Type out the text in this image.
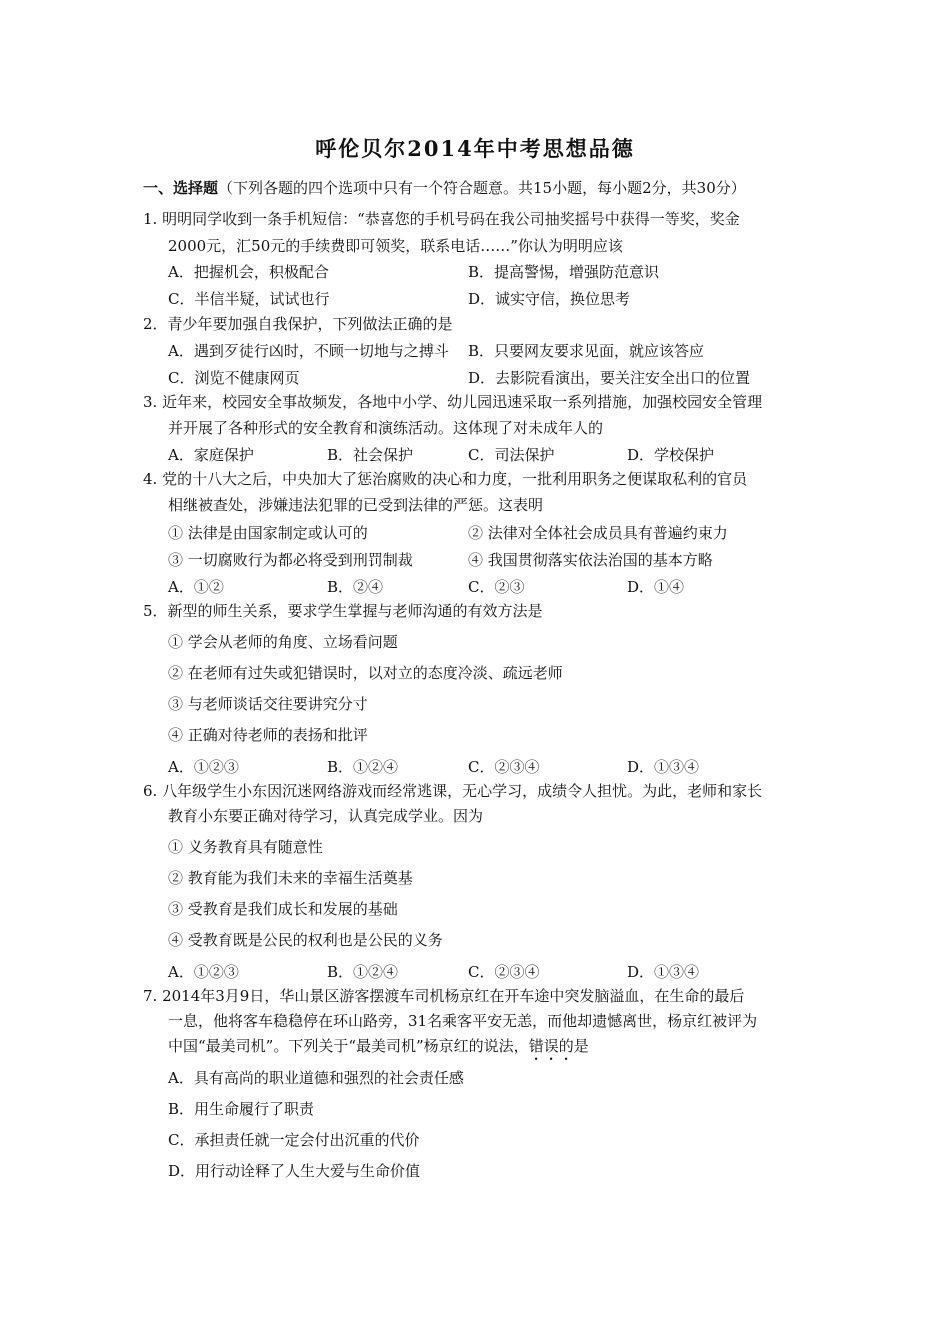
呼伦贝尔2014年中考思想品德
一、选择题（下列各题的四个选项中只有一个符合题意。共15小题，每小题2分，共30分）
1. 明明同学收到一条手机短信：“恭喜您的手机号码在我公司抽奖摇号中获得一等奖，奖金
2000元，汇50元的手续费即可领奖，联系电话……”你认为明明应该
A．把握机会，积极配合	B．提高警惕，增强防范意识
C．半信半疑，试试也行	D．诚实守信，换位思考
2．青少年要加强自我保护，下列做法正确的是
A．遇到歹徒行凶时，不顾一切地与之搏斗 B．只要网友要求见面，就应该答应
C．浏览不健康网页	D．去影院看演出，要关注安全出口的位置
3. 近年来，校园安全事故频发，各地中小学、幼儿园迅速采取一系列措施，加强校园安全管理
并开展了各种形式的安全教育和演练活动。这体现了对未成年人的
A．家庭保护	B．社会保护	C．司法保护	D．学校保护
4. 党的十八大之后，中央加大了惩治腐败的决心和力度，一批利用职务之便谋取私利的官员
相继被查处，涉嫌违法犯罪的已受到法律的严惩。这表明
① 法律是由国家制定或认可的	② 法律对全体社会成员具有普遍约束力
③ 一切腐败行为都必将受到刑罚制裁	④ 我国贯彻落实依法治国的基本方略
A．①②	B．②④	C．②③	D．①④
5．新型的师生关系，要求学生掌握与老师沟通的有效方法是
① 学会从老师的角度、立场看问题
② 在老师有过失或犯错误时，以对立的态度冷淡、疏远老师
③ 与老师谈话交往要讲究分寸
④ 正确对待老师的表扬和批评
A．①②③	B．①②④	C．②③④	D．①③④
6. 八年级学生小东因沉迷网络游戏而经常逃课，无心学习，成绩令人担忧。为此，老师和家长
教育小东要正确对待学习，认真完成学业。因为
① 义务教育具有随意性
② 教育能为我们未来的幸福生活奠基
③ 受教育是我们成长和发展的基础
④ 受教育既是公民的权利也是公民的义务
A．①②③	B．①②④	C．②③④	D．①③④
7. 2014年3月9日，华山景区游客摆渡车司机杨京红在开车途中突发脑溢血，在生命的最后
一息，他将客车稳稳停在环山路旁，31名乘客平安无恙，而他却遗憾离世，杨京红被评为
中国“最美司机”。下列关于“最美司机”杨京红的说法，错误的是
A．具有高尚的职业道德和强烈的社会责任感
B．用生命履行了职责
C．承担责任就一定会付出沉重的代价
D．用行动诠释了人生大爱与生命价值
